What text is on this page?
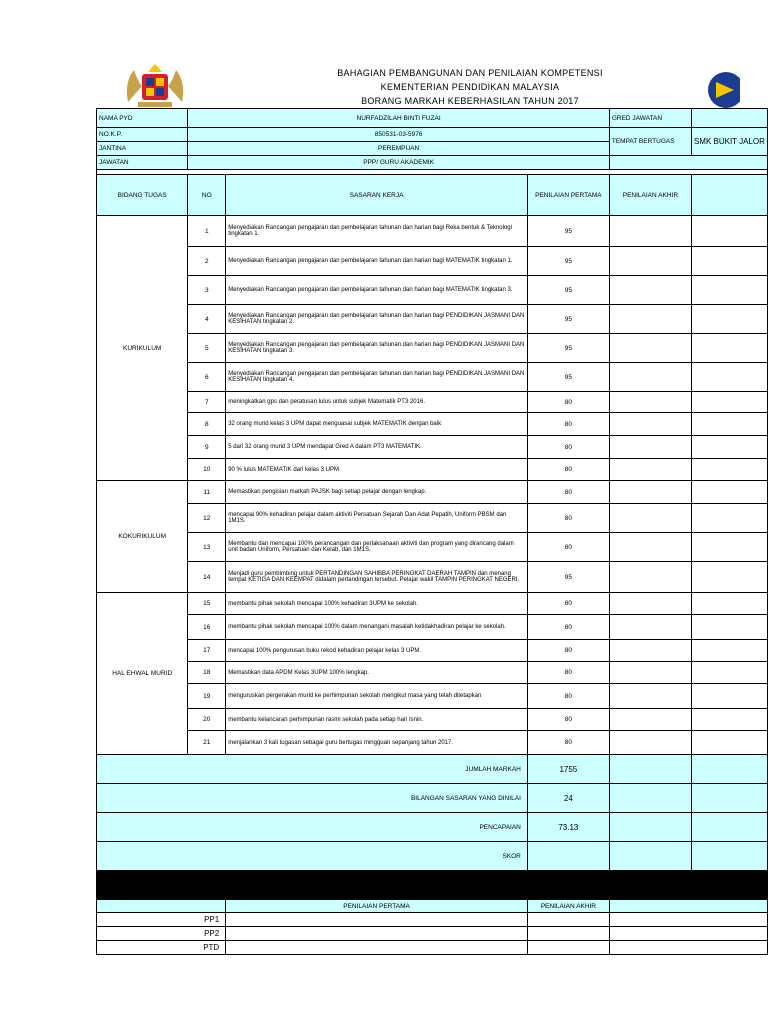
BAHAGIAN PEMBANGUNAN DAN PENILAIAN KOMPETENSI
KEMENTERIAN PENDIDIKAN MALAYSIA
BORANG MARKAH KEBERHASILAN TAHUN 2017
NAMA PYD	NURFADZILAH BINTI FUZAI			GRED JAWATAN	
NO.K.P.	850531-03-5976			TEMPAT BERTUGAS	SMK BUKIT JALOR
JANTINA	PEREMPUAN				
JAWATAN	PPP/ GURU AKADEMIK				

BIDANG TUGAS	NO	SASARAN KERJA	PENILAIAN PERTAMA	PENILAIAN AKHIR	
KURIKULUM	1	Menyediakan Rancangan pengajaran dan pembelajaran tahunan dan harian bagi Reka bentuk & Teknologi tingkatan 1.	95		
	2	Menyediakan Rancangan pengajaran dan pembelajaran tahunan dan harian bagi MATEMATIK tingkatan 1.	95		
	3	Menyediakan Rancangan pengajaran dan pembelajaran tahunan dan harian bagi MATEMATIK tingkatan 3.	95		
	4	Menyediakan Rancangan pengajaran dan pembelajaran tahunan dan harian bagi PENDIDIKAN JASMANI DAN KESIHATAN tingkatan 2.	95		
	5	Menyediakan Rancangan pengajaran dan pembelajaran tahunan dan harian bagi PENDIDIKAN JASMANI DAN KESIHATAN tingkatan 3.	95		
	6	Menyediakan Rancangan pengajaran dan pembelajaran tahunan dan harian bagi PENDIDIKAN JASMANI DAN KESIHATAN tingkatan 4.	95		
	7	meningkatkan gps dan peratusan lulus untuk subjek Matematik PT3 2016.	80		
	8	32 orang murid kelas 3 UPM dapat menguasai subjek MATEMATIK dengan baik	80		
	9	5 dari 32 orang murid 3 UPM mendapat Gred A dalam PT3 MATEMATIK.	80		
	10	90 % lulus MATEMATIK dari kelas 3 UPM	80		
KOKURIKULUM	11	Memastikan pengisian markah PAJSK bagi setiap pelajar dengan lengkap.	80		
	12	mencapai 90% kehadiran pelajar dalam aktiviti Persatuan Sejarah Dan Adat Pepatih, Uniform PBSM dan 1M1S.	80		
	13	Membantu dan mencapai 100% perancangan dan perlaksanaan aktiviti dan program yang dirancang dalam unit badan Uniform, Persatuan dan Kelab, dan 1M1S.	80		
	14	Menjadi guru pembimbing untuk PERTANDINGAN SAHIBBA PERINGKAT DAERAH TAMPIN dan menang tempat KETIGA DAN KEEMPAT didalam pertandingan tersebut. Pelajar wakil TAMPIN PERINGKAT NEGERI.	95		
HAL EHWAL MURID	15	membantu pihak sekolah mencapai 100% kehadiran 3UPM ke sekolah.	80		
	16	membantu pihak sekolah mencapai 100% dalam menangani masalah ketidakhadiran pelajar ke sekolah.	80		
	17	mencapai 100% pengurusan buku rekod kehadiran pelajar kelas 3 UPM.	80		
	18	Memastikan data APDM Kelas 3UPM 100% lengkap.	80		
	19	menguruskan pergerakan murid ke perhimpunan sekolah mengikut masa yang telah ditetapkan	80		
	20	membantu kelancaran perhimpunan rasmi sekolah pada setiap hari Isnin.	80		
	21	menjalankan 3 kali tugasan sebagai guru bertugas mingguan sepanjang tahun 2017.	80		
JUMLAH MARKAH			1755		
BILANGAN SASARAN YANG DINILAI			24		
PENCAPAIAN			73.13		
SKOR					

		PENILAIAN PERTAMA	PENILAIAN AKHIR		
PP1					
PP2					
PTD					
